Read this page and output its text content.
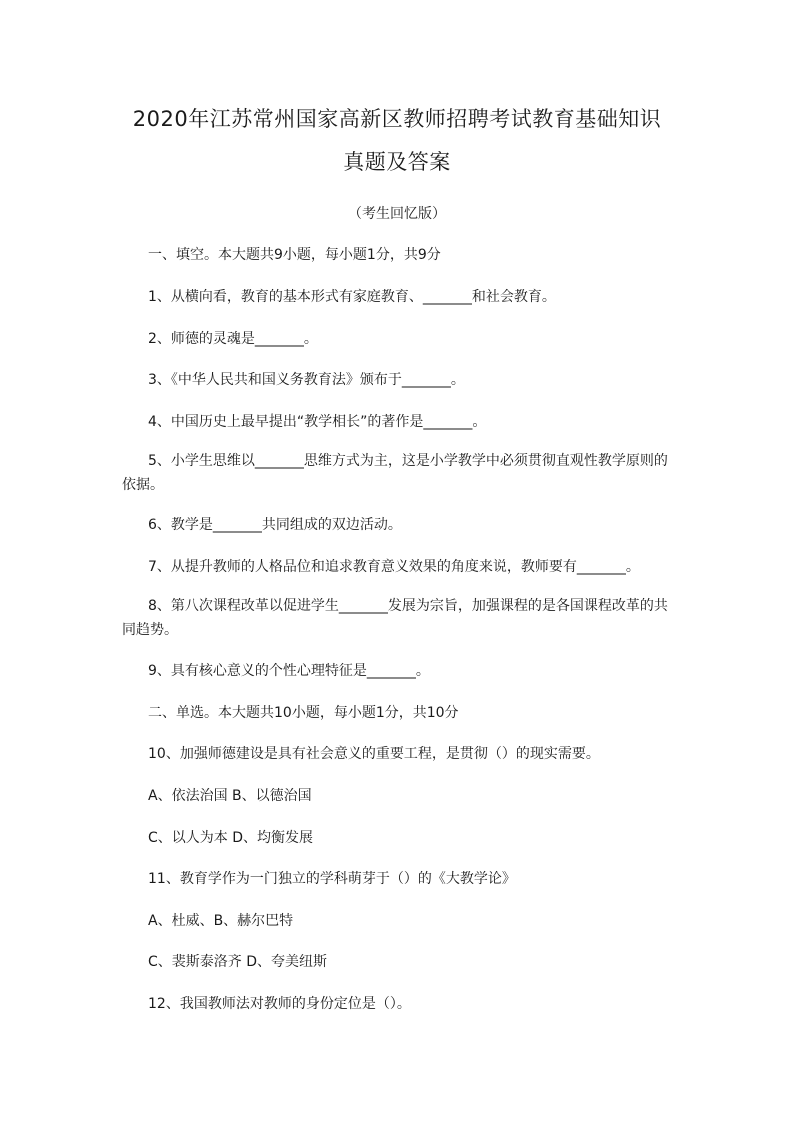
2020年江苏常州国家高新区教师招聘考试教育基础知识
真题及答案
（考生回忆版）
一、填空。本大题共9小题，每小题1分，共9分
1、从横向看，教育的基本形式有家庭教育、_______和社会教育。
2、师德的灵魂是_______。
3、《中华人民共和国义务教育法》颁布于_______。
4、中国历史上最早提出“教学相长”的著作是_______。
5、小学生思维以_______思维方式为主，这是小学教学中必须贯彻直观性教学原则的依据。
6、教学是_______共同组成的双边活动。
7、从提升教师的人格品位和追求教育意义效果的角度来说，教师要有_______。
8、第八次课程改革以促进学生_______发展为宗旨，加强课程的是各国课程改革的共同趋势。
9、具有核心意义的个性心理特征是_______。
二、单选。本大题共10小题，每小题1分，共10分
10、加强师德建设是具有社会意义的重要工程，是贯彻（）的现实需要。
A、依法治国 B、以德治国
C、以人为本 D、均衡发展
11、教育学作为一门独立的学科萌芽于（）的《大教学论》
A、杜威、B、赫尔巴特
C、裴斯泰洛齐 D、夸美纽斯
12、我国教师法对教师的身份定位是（）。
